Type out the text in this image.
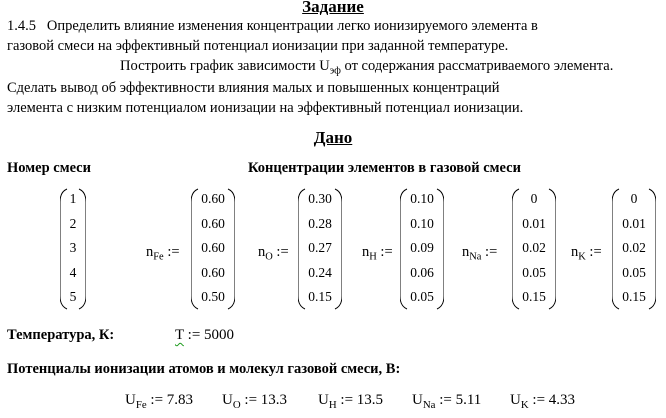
Задание
1.4.5 Определить влияние изменения концентрации легко ионизируемого элемента в
газовой смеси на эффективный потенциал ионизации при заданной температуре.
Построить график зависимости $U_{эф}$ от содержания рассматриваемого элемента.
Сделать вывод об эффективности влияния малых и повышенных концентраций
элемента с низким потенциалом ионизации на эффективный потенциал ионизации.
Дано
Номер смеси	Концентрации элементов в газовой смеси
1
2
3
4
5
$n_{Fe}$ :=
0.60
0.60
0.60
0.60
0.50
$n_O$ :=
0.30
0.28
0.27
0.24
0.15
$n_H$ :=
0.10
0.10
0.09
0.06
0.05
$n_{Na}$ :=
0
0.01
0.02
0.05
0.15
$n_K$ :=
0
0.01
0.02
0.05
0.15
Температура, К:	T := 5000
Потенциалы ионизации атомов и молекул газовой смеси, В:
$U_{Fe}$ := 7.83 $U_O$ := 13.3 $U_H$ := 13.5 $U_{Na}$ := 5.11 $U_K$ := 4.33
